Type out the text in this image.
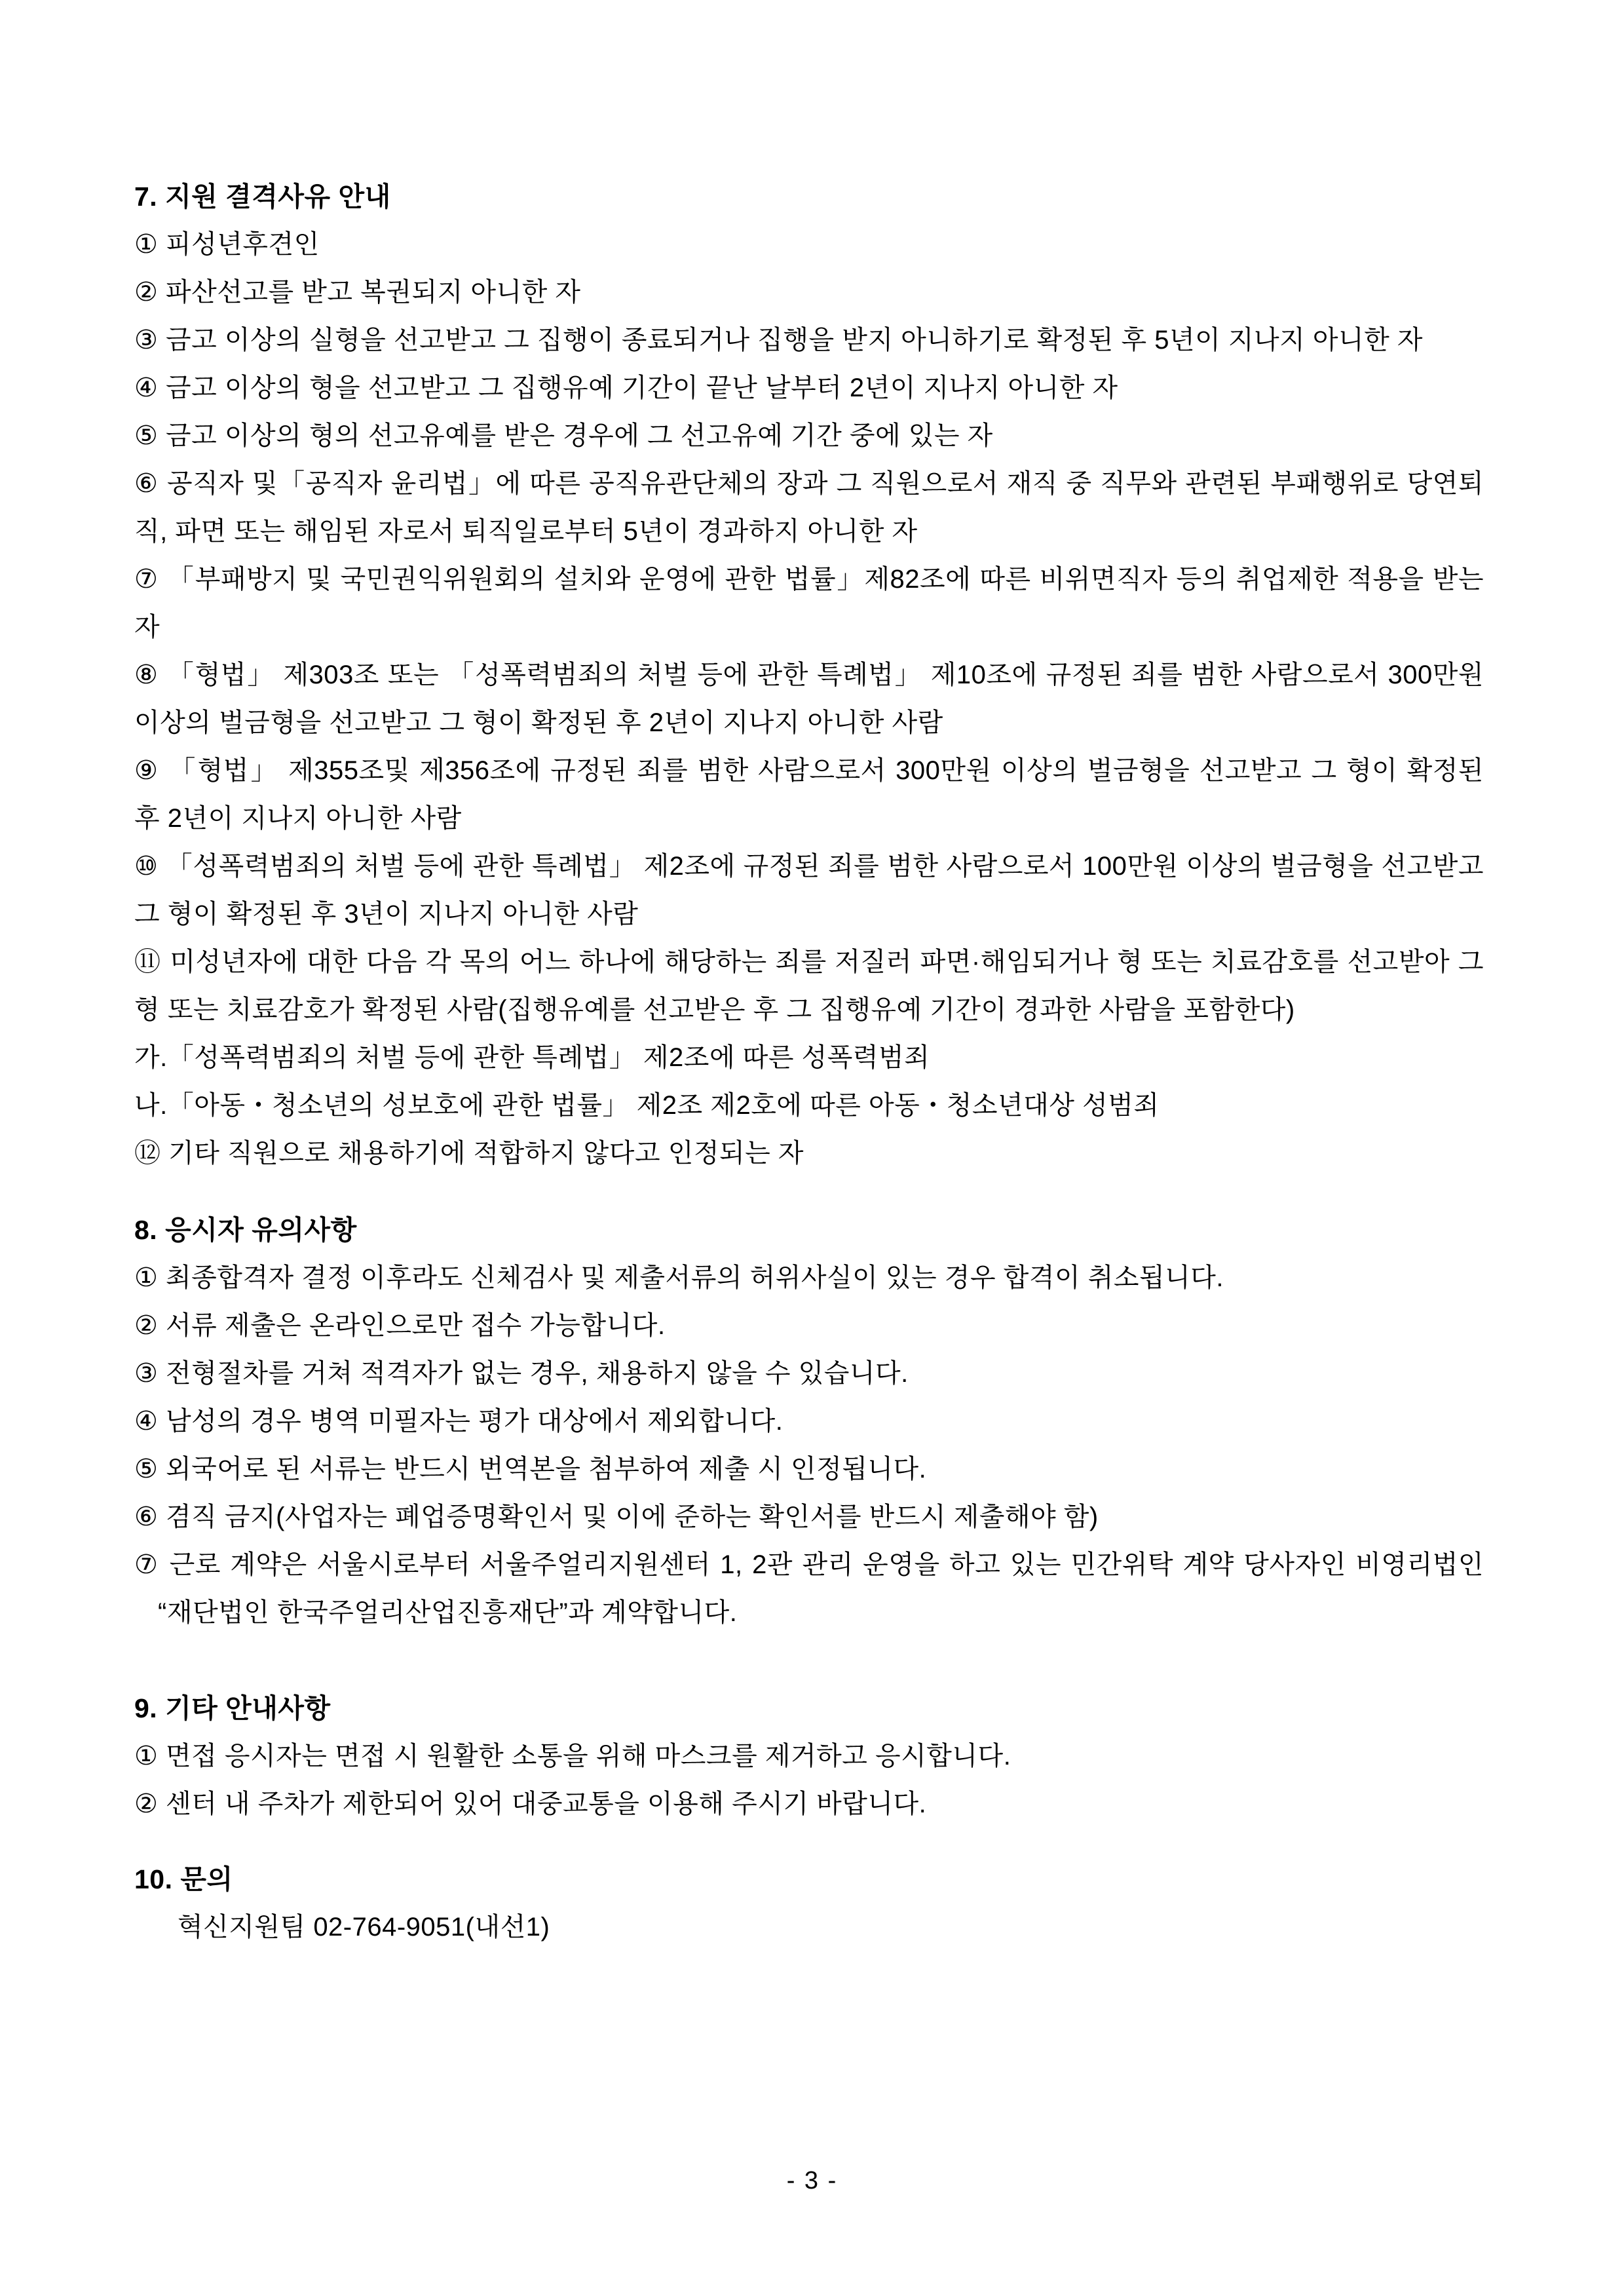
7. 지원 결격사유 안내

① 피성년후견인

② 파산선고를 받고 복권되지 아니한 자

③ 금고 이상의 실형을 선고받고 그 집행이 종료되거나 집행을 받지 아니하기로 확정된 후 5년이 지나지 아니한 자

④ 금고 이상의 형을 선고받고 그 집행유예 기간이 끝난 날부터 2년이 지나지 아니한 자

⑤ 금고 이상의 형의 선고유예를 받은 경우에 그 선고유예 기간 중에 있는 자

⑥ 공직자 및「공직자 윤리법」에 따른 공직유관단체의 장과 그 직원으로서 재직 중 직무와 관련된 부패행위로 당연퇴직, 파면 또는 해임된 자로서 퇴직일로부터 5년이 경과하지 아니한 자

⑦ 「부패방지 및 국민권익위원회의 설치와 운영에 관한 법률」제82조에 따른 비위면직자 등의 취업제한 적용을 받는 자

⑧ 「형법」 제303조 또는 「성폭력범죄의 처벌 등에 관한 특례법」 제10조에 규정된 죄를 범한 사람으로서 300만원 이상의 벌금형을 선고받고 그 형이 확정된 후 2년이 지나지 아니한 사람

⑨ 「형법」 제355조및 제356조에 규정된 죄를 범한 사람으로서 300만원 이상의 벌금형을 선고받고 그 형이 확정된 후 2년이 지나지 아니한 사람

⑩ 「성폭력범죄의 처벌 등에 관한 특례법」 제2조에 규정된 죄를 범한 사람으로서 100만원 이상의 벌금형을 선고받고 그 형이 확정된 후 3년이 지나지 아니한 사람

⑪ 미성년자에 대한 다음 각 목의 어느 하나에 해당하는 죄를 저질러 파면·해임되거나 형 또는 치료감호를 선고받아 그 형 또는 치료감호가 확정된 사람(집행유예를 선고받은 후 그 집행유예 기간이 경과한 사람을 포함한다)

가.「성폭력범죄의 처벌 등에 관한 특례법」 제2조에 따른 성폭력범죄

나.「아동・청소년의 성보호에 관한 법률」 제2조 제2호에 따른 아동・청소년대상 성범죄

⑫ 기타 직원으로 채용하기에 적합하지 않다고 인정되는 자

8. 응시자 유의사항

① 최종합격자 결정 이후라도 신체검사 및 제출서류의 허위사실이 있는 경우 합격이 취소됩니다.

② 서류 제출은 온라인으로만 접수 가능합니다.

③ 전형절차를 거쳐 적격자가 없는 경우, 채용하지 않을 수 있습니다.

④ 남성의 경우 병역 미필자는 평가 대상에서 제외합니다.

⑤ 외국어로 된 서류는 반드시 번역본을 첨부하여 제출 시 인정됩니다.

⑥ 겸직 금지(사업자는 폐업증명확인서 및 이에 준하는 확인서를 반드시 제출해야 함)

⑦ 근로 계약은 서울시로부터 서울주얼리지원센터 1, 2관 관리 운영을 하고 있는 민간위탁 계약 당사자인 비영리법인 “재단법인 한국주얼리산업진흥재단”과 계약합니다.

9. 기타 안내사항

① 면접 응시자는 면접 시 원활한 소통을 위해 마스크를 제거하고 응시합니다.

② 센터 내 주차가 제한되어 있어 대중교통을 이용해 주시기 바랍니다.

10. 문의

혁신지원팀 02-764-9051(내선1)

- 3 -
